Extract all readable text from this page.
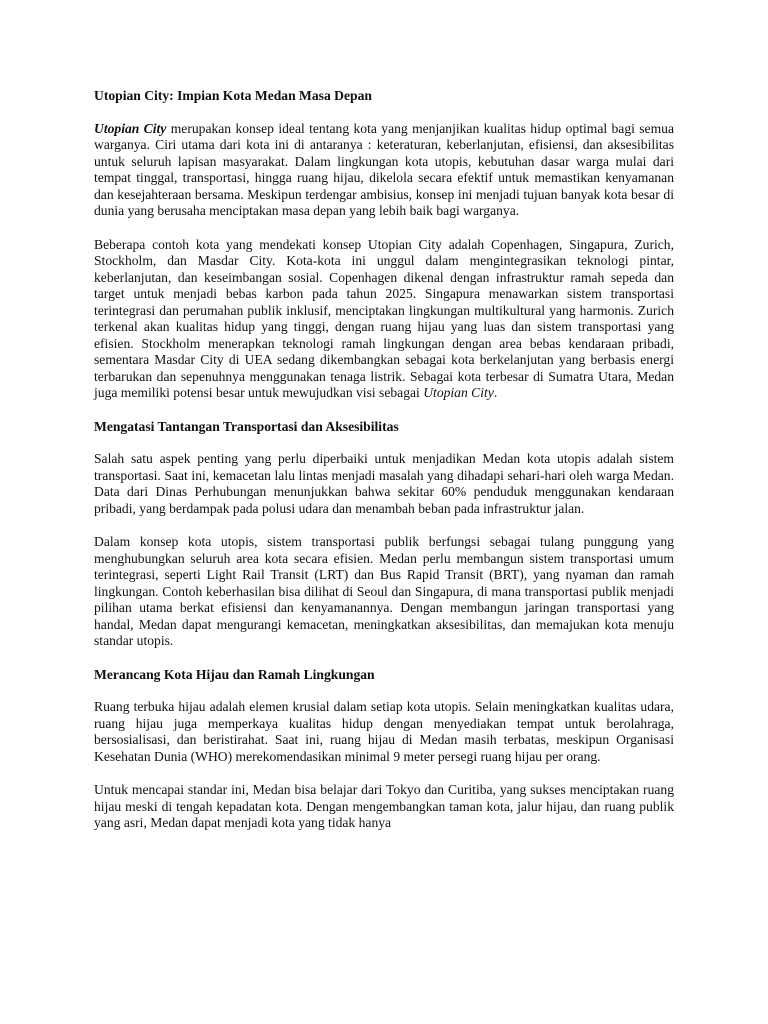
Utopian City: Impian Kota Medan Masa Depan

Utopian City merupakan konsep ideal tentang kota yang menjanjikan kualitas hidup optimal bagi semua warganya. Ciri utama dari kota ini di antaranya : keteraturan, keberlanjutan, efisiensi, dan aksesibilitas untuk seluruh lapisan masyarakat. Dalam lingkungan kota utopis, kebutuhan dasar warga mulai dari tempat tinggal, transportasi, hingga ruang hijau, dikelola secara efektif untuk memastikan kenyamanan dan kesejahteraan bersama. Meskipun terdengar ambisius, konsep ini menjadi tujuan banyak kota besar di dunia yang berusaha menciptakan masa depan yang lebih baik bagi warganya.

Beberapa contoh kota yang mendekati konsep Utopian City adalah Copenhagen, Singapura, Zurich, Stockholm, dan Masdar City. Kota-kota ini unggul dalam mengintegrasikan teknologi pintar, keberlanjutan, dan keseimbangan sosial. Copenhagen dikenal dengan infrastruktur ramah sepeda dan target untuk menjadi bebas karbon pada tahun 2025. Singapura menawarkan sistem transportasi terintegrasi dan perumahan publik inklusif, menciptakan lingkungan multikultural yang harmonis. Zurich terkenal akan kualitas hidup yang tinggi, dengan ruang hijau yang luas dan sistem transportasi yang efisien. Stockholm menerapkan teknologi ramah lingkungan dengan area bebas kendaraan pribadi, sementara Masdar City di UEA sedang dikembangkan sebagai kota berkelanjutan yang berbasis energi terbarukan dan sepenuhnya menggunakan tenaga listrik. Sebagai kota terbesar di Sumatra Utara, Medan juga memiliki potensi besar untuk mewujudkan visi sebagai Utopian City.

Mengatasi Tantangan Transportasi dan Aksesibilitas

Salah satu aspek penting yang perlu diperbaiki untuk menjadikan Medan kota utopis adalah sistem transportasi. Saat ini, kemacetan lalu lintas menjadi masalah yang dihadapi sehari-hari oleh warga Medan. Data dari Dinas Perhubungan menunjukkan bahwa sekitar 60% penduduk menggunakan kendaraan pribadi, yang berdampak pada polusi udara dan menambah beban pada infrastruktur jalan.

Dalam konsep kota utopis, sistem transportasi publik berfungsi sebagai tulang punggung yang menghubungkan seluruh area kota secara efisien. Medan perlu membangun sistem transportasi umum terintegrasi, seperti Light Rail Transit (LRT) dan Bus Rapid Transit (BRT), yang nyaman dan ramah lingkungan. Contoh keberhasilan bisa dilihat di Seoul dan Singapura, di mana transportasi publik menjadi pilihan utama berkat efisiensi dan kenyamanannya. Dengan membangun jaringan transportasi yang handal, Medan dapat mengurangi kemacetan, meningkatkan aksesibilitas, dan memajukan kota menuju standar utopis.

Merancang Kota Hijau dan Ramah Lingkungan

Ruang terbuka hijau adalah elemen krusial dalam setiap kota utopis. Selain meningkatkan kualitas udara, ruang hijau juga memperkaya kualitas hidup dengan menyediakan tempat untuk berolahraga, bersosialisasi, dan beristirahat. Saat ini, ruang hijau di Medan masih terbatas, meskipun Organisasi Kesehatan Dunia (WHO) merekomendasikan minimal 9 meter persegi ruang hijau per orang.

Untuk mencapai standar ini, Medan bisa belajar dari Tokyo dan Curitiba, yang sukses menciptakan ruang hijau meski di tengah kepadatan kota. Dengan mengembangkan taman kota, jalur hijau, dan ruang publik yang asri, Medan dapat menjadi kota yang tidak hanya
